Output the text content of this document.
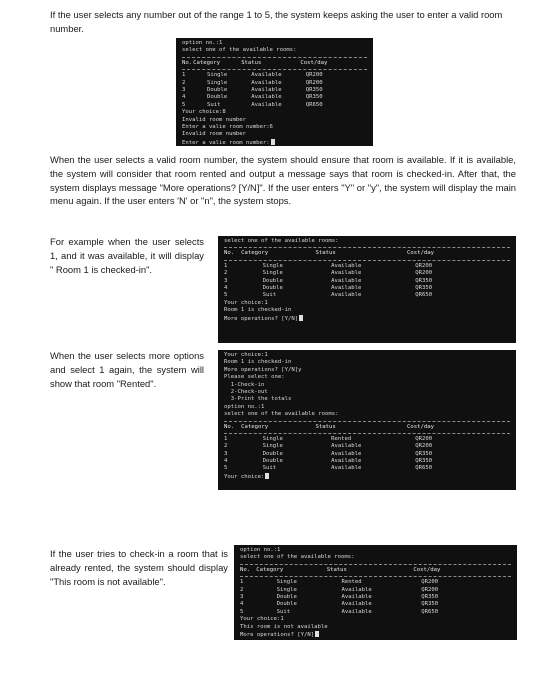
If the user selects any number out of the range 1 to 5, the system keeps asking the user to enter a valid room number.

option no.:1
select one of the available rooms:
No. Category	Status	Cost/day
1	Single	Available	QR200
2	Single	Available	QR200
3	Double	Available	QR350
4	Double	Available	QR350
5	Suit	Available	QR650
Your choice:8
Invalid room number
Enter a valie room number:6
Invalid room number
Enter a valie room number:

When the user selects a valid room number, the system should ensure that room is available. If it is available, the system will consider that room rented and output a message says that room is checked-in. After that, the system displays message "More operations? [Y/N]". If the user enters "Y" or "y", the system will display the main menu again. If the user enters 'N' or "n", the system stops.

For example when the user selects 1, and it was available, it will display " Room 1 is checked-in".

select one of the available rooms:
No.	Category	Status	Cost/day
1	Single	Available	QR200
2	Single	Available	QR200
3	Double	Available	QR350
4	Double	Available	QR350
5	Suit	Available	QR650
Your choice:1
Room 1 is checked-in
More operations? [Y/N]

When the user selects more options and select 1 again, the system will show that room "Rented".

Your choice:1
Room 1 is checked-in
More operations? [Y/N]y
Please select one:
1-Check-in
2-Check-out
3-Print the totals
option no.:1
select one of the available rooms:
No.	Category	Status	Cost/day
1	Single	Rented	QR200
2	Single	Available	QR200
3	Double	Available	QR350
4	Double	Available	QR350
5	Suit	Available	QR650
Your choice:

If the user tries to check-in a room that is already rented, the system should display "This room is not available".

option no.:1
select one of the available rooms:
No.	Category	Status	Cost/day
1	Single	Rented	QR200
2	Single	Available	QR200
3	Double	Available	QR350
4	Double	Available	QR350
5	Suit	Available	QR650
Your choice:1
This room is not available
More operations? [Y/N]
